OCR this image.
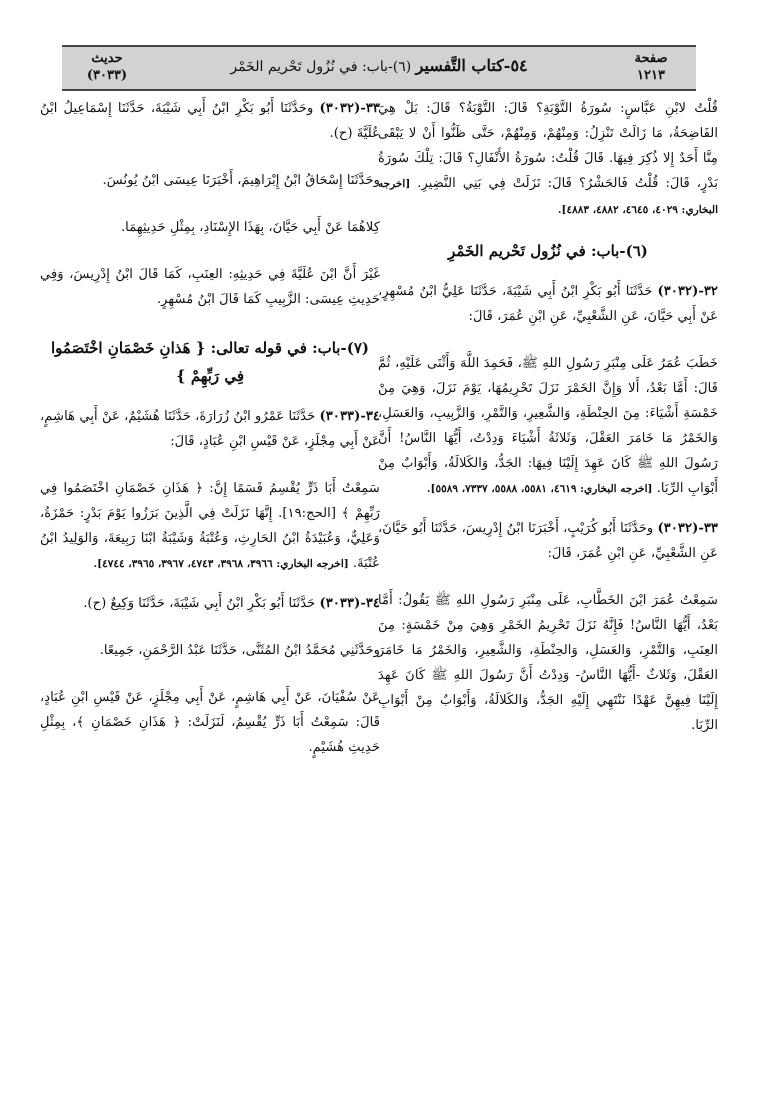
صفحة
١٢١٣
٥٤-كتاب التَّفسير (٦)-باب: في نُزُول تَحْريم الخَمْرِ
حديث
(٣٠٣٣)

قُلْتُ لابْنِ عَبَّاسٍ: سُورَةُ التَّوْبَةِ؟ قَالَ: التَّوْبَةُ؟ قَالَ: بَلْ هِيَ الفَاضِحَةُ، مَا زَالَتْ تَنْزِلُ: وَمِنْهُمْ، وَمِنْهُمْ، حَتَّى ظَنُّوا أَنْ لا يَبْقَى مِنَّا أَحَدٌ إِلا ذُكِرَ فِيهَا. قَالَ قُلْتُ: سُورَةُ الأَنْفَالِ؟ قَالَ: تِلْكَ سُورَةُ بَدْرٍ، قَالَ: قُلْتُ فَالحَشْرُ؟ قَالَ: نَزَلَتْ فِي بَنِي النَّضِيرِ. [اخرجه البخاري: ٤٠٢٩، ٤٦٤٥، ٤٨٨٢، ٤٨٨٣].

(٦)-باب: في نُزُول تَحْريم الخَمْرِ

٣٢-(٣٠٣٢) حَدَّثَنَا أَبُو بَكْرِ ابْنُ أَبِي شَيْبَةَ، حَدَّثَنَا عَلِيُّ ابْنُ مُسْهِرٍ، عَنْ أَبِي حَيَّانَ، عَنِ الشَّعْبِيِّ، عَنِ ابْنِ عُمَرَ، قَالَ:

خَطَبَ عُمَرُ عَلَى مِنْبَرِ رَسُولِ اللهِ ﷺ، فَحَمِدَ اللَّهَ وَأَثْنَى عَلَيْهِ، ثُمَّ قَالَ: أَمَّا بَعْدُ، أَلا وَإِنَّ الخَمْرَ نَزَلَ تَحْرِيمُهَا، يَوْمَ نَزَلَ، وَهِيَ مِنْ خَمْسَةِ أَشْيَاءَ: مِنَ الحِنْطَةِ، وَالشَّعِيرِ، وَالتَّمْرِ، وَالزَّبِيبِ، وَالعَسَلِ، وَالخَمْرُ مَا خَامَرَ العَقْلَ، وَثَلاثَةُ أَشْيَاءَ وَدِدْتُ، أَيُّهَا النَّاسُ! أَنَّ رَسُولَ اللهِ ﷺ كَانَ عَهِدَ إِلَيْنَا فِيهَا: الجَدُّ، وَالكَلالَةُ، وَأَبْوَابٌ مِنْ أَبْوَابِ الرِّبَا. [اخرجه البخاري: ٤٦١٩، ٥٥٨١، ٥٥٨٨، ٧٣٣٧، ٥٥٨٩].

٣٣-(٣٠٣٢) وحَدَّثَنَا أَبُو كُرَيْبٍ، أَخْبَرَنَا ابْنُ إِدْرِيسَ، حَدَّثَنَا أَبُو حَيَّانَ، عَنِ الشَّعْبِيِّ، عَنِ ابْنِ عُمَرَ، قَالَ:

سَمِعْتُ عُمَرَ ابْنَ الخَطَّابِ، عَلَى مِنْبَرِ رَسُولِ اللهِ ﷺ يَقُولُ: أَمَّا بَعْدُ، أَيُّهَا النَّاسُ! فَإِنَّهُ نَزَلَ تَحْرِيمُ الخَمْرِ وَهِيَ مِنْ خَمْسَةٍ: مِنَ العِنَبِ، وَالتَّمْرِ، وَالعَسَلِ، وَالحِنْطَةِ، وَالشَّعِيرِ، وَالخَمْرُ مَا خَامَرَ العَقْلَ، وَثَلاثٌ -أَيُّهَا النَّاسُ- وَدِدْتُ أَنَّ رَسُولَ اللهِ ﷺ كَانَ عَهِدَ إِلَيْنَا فِيهِنَّ عَهْدًا نَنْتَهِي إِلَيْهِ الجَدُّ، وَالكَلالَةُ، وَأَبْوَابٌ مِنْ أَبْوَابِ الرِّبَا.

٣٣-(٣٠٣٢) وحَدَّثَنَا أَبُو بَكْرِ ابْنُ أَبِي شَيْبَةَ، حَدَّثَنَا إِسْمَاعِيلُ ابْنُ عُلَيَّةَ (ح).

وحَدَّثَنَا إِسْحَاقُ ابْنُ إِبْرَاهِيمَ، أَخْبَرَنَا عِيسَى ابْنُ يُونُسَ.

كِلاهُمَا عَنْ أَبِي حَيَّانَ، بِهَذَا الإِسْنَادِ، بِمِثْلِ حَدِيثِهِمَا.

غَيْرَ أَنَّ ابْنَ عُلَيَّةَ فِي حَدِيثِهِ: العِنَبِ، كَمَا قَالَ ابْنُ إِدْرِيسَ، وَفِي حَدِيثِ عِيسَى: الزَّبِيبِ كَمَا قَالَ ابْنُ مُسْهِرٍ.

(٧)-باب: في قوله تعالى: { هَذانِ خَصْمَانِ اخْتَصَمُوا فِي رَبِّهِمْ }

٣٤-(٣٠٣٣) حَدَّثَنَا عَمْرُو ابْنُ زُرَارَةَ، حَدَّثَنَا هُشَيْمٌ، عَنْ أَبِي هَاشِمٍ، عَنْ أَبِي مِجْلَزٍ، عَنْ قَيْسِ ابْنِ عُبَادٍ، قَالَ:

سَمِعْتُ أَبَا ذَرٍّ يُقْسِمُ قَسَمًا إِنَّ: ﴿ هَذَانِ خَصْمَانِ اخْتَصَمُوا فِي رَبِّهِمْ ﴾ [الحج:١٩]. إِنَّهَا نَزَلَتْ فِي الَّذِينَ بَرَزُوا يَوْمَ بَدْرٍ: حَمْزَةُ، وَعَلِيٌّ، وَعُبَيْدَةُ ابْنُ الحَارِثِ، وَعُتْبَةُ وَشَيْبَةُ ابْنَا رَبِيعَةَ، وَالوَلِيدُ ابْنُ عُتْبَةَ. [اخرجه البخاري: ٣٩٦٦، ٣٩٦٨، ٤٧٤٣، ٣٩٦٧، ٣٩٦٥، ٤٧٤٤].

٣٤-(٣٠٣٣) حَدَّثَنَا أَبُو بَكْرِ ابْنُ أَبِي شَيْبَةَ، حَدَّثَنَا وَكِيعٌ (ح).

وحَدَّثَنِي مُحَمَّدُ ابْنُ المُثَنَّى، حَدَّثَنَا عَبْدُ الرَّحْمَنِ، جَمِيعًا.

عَنْ سُفْيَانَ، عَنْ أَبِي هَاشِمٍ، عَنْ أَبِي مِجْلَزٍ، عَنْ قَيْسِ ابْنِ عُبَادٍ، قَالَ: سَمِعْتُ أَبَا ذَرٍّ يُقْسِمُ، لَنَزَلَتْ: ﴿ هَذَانِ خَصْمَانِ ﴾، بِمِثْلِ حَدِيثِ هُشَيْمٍ.
